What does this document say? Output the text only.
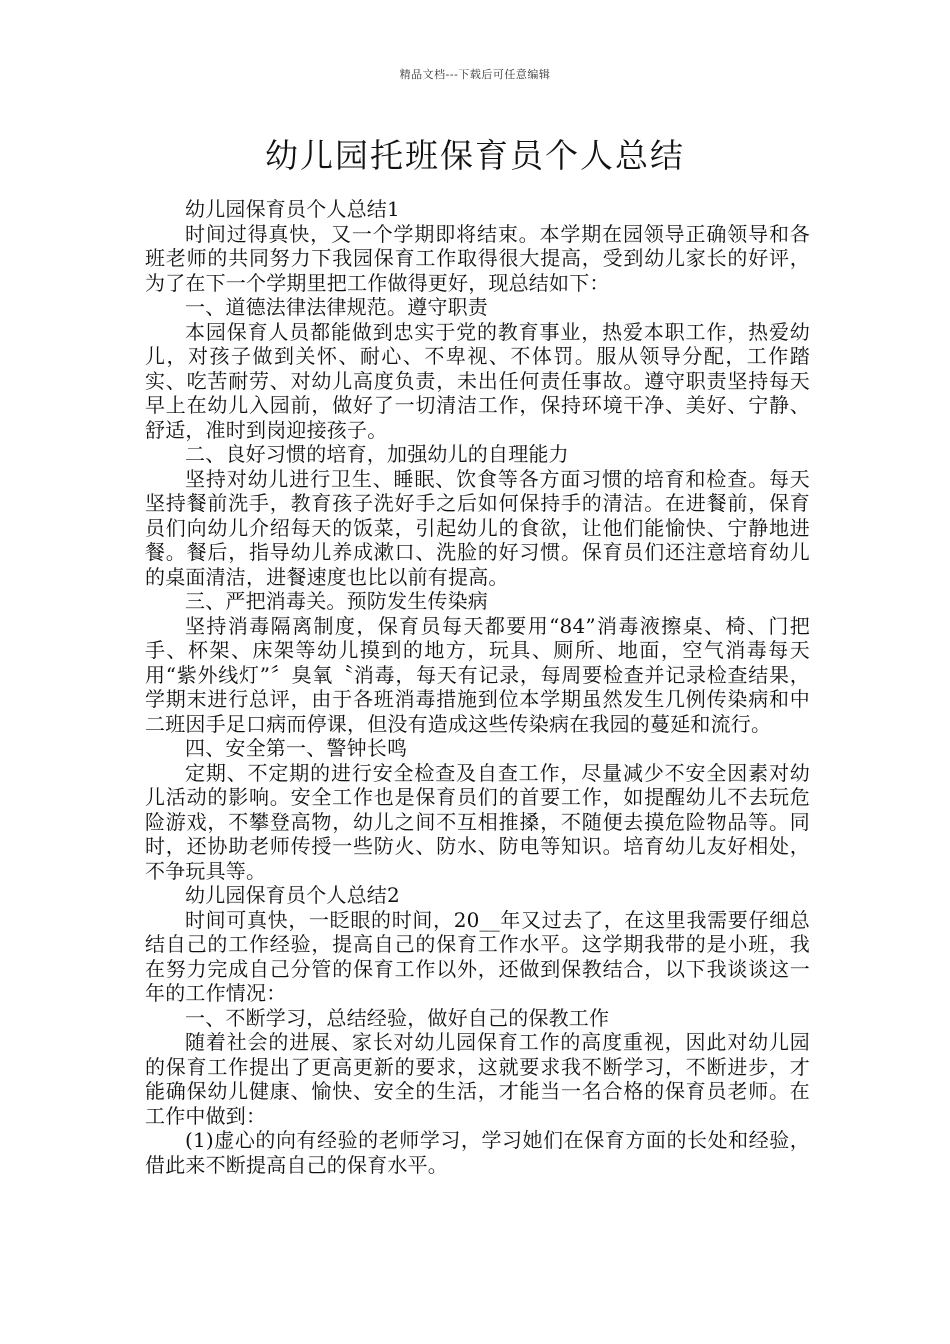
精品文档---下载后可任意编辑
幼儿园托班保育员个人总结

幼儿园保育员个人总结1

时间过得真快，又一个学期即将结束。本学期在园领导正确领导和各班老师的共同努力下我园保育工作取得很大提高，受到幼儿家长的好评，为了在下一个学期里把工作做得更好，现总结如下：

一、道德法律法律规范。遵守职责

本园保育人员都能做到忠实于党的教育事业，热爱本职工作，热爱幼儿，对孩子做到关怀、耐心、不卑视、不体罚。服从领导分配，工作踏实、吃苦耐劳、对幼儿高度负责，未出任何责任事故。遵守职责坚持每天早上在幼儿入园前，做好了一切清洁工作，保持环境干净、美好、宁静、舒适，准时到岗迎接孩子。

二、良好习惯的培育，加强幼儿的自理能力

坚持对幼儿进行卫生、睡眠、饮食等各方面习惯的培育和检查。每天坚持餐前洗手，教育孩子洗好手之后如何保持手的清洁。在进餐前，保育员们向幼儿介绍每天的饭菜，引起幼儿的食欲，让他们能愉快、宁静地进餐。餐后，指导幼儿养成漱口、洗脸的好习惯。保育员们还注意培育幼儿的桌面清洁，进餐速度也比以前有提高。

三、严把消毒关。预防发生传染病

坚持消毒隔离制度，保育员每天都要用“84”消毒液擦桌、椅、门把手、杯架、床架等幼儿摸到的地方，玩具、厕所、地面，空气消毒每天用“紫外线灯”〞臭氧〝消毒，每天有记录，每周要检查并记录检查结果，学期末进行总评，由于各班消毒措施到位本学期虽然发生几例传染病和中二班因手足口病而停课，但没有造成这些传染病在我园的蔓延和流行。

四、安全第一、警钟长鸣

定期、不定期的进行安全检查及自查工作，尽量减少不安全因素对幼儿活动的影响。安全工作也是保育员们的首要工作，如提醒幼儿不去玩危险游戏，不攀登高物，幼儿之间不互相推搡，不随便去摸危险物品等。同时，还协助老师传授一些防火、防水、防电等知识。培育幼儿友好相处，不争玩具等。

幼儿园保育员个人总结2

时间可真快，一眨眼的时间，20__年又过去了，在这里我需要仔细总结自己的工作经验，提高自己的保育工作水平。这学期我带的是小班，我在努力完成自己分管的保育工作以外，还做到保教结合，以下我谈谈这一年的工作情况：

一、不断学习，总结经验，做好自己的保教工作

随着社会的进展、家长对幼儿园保育工作的高度重视，因此对幼儿园的保育工作提出了更高更新的要求，这就要求我不断学习，不断进步，才能确保幼儿健康、愉快、安全的生活，才能当一名合格的保育员老师。在工作中做到：

(1)虚心的向有经验的老师学习，学习她们在保育方面的长处和经验，借此来不断提高自己的保育水平。
